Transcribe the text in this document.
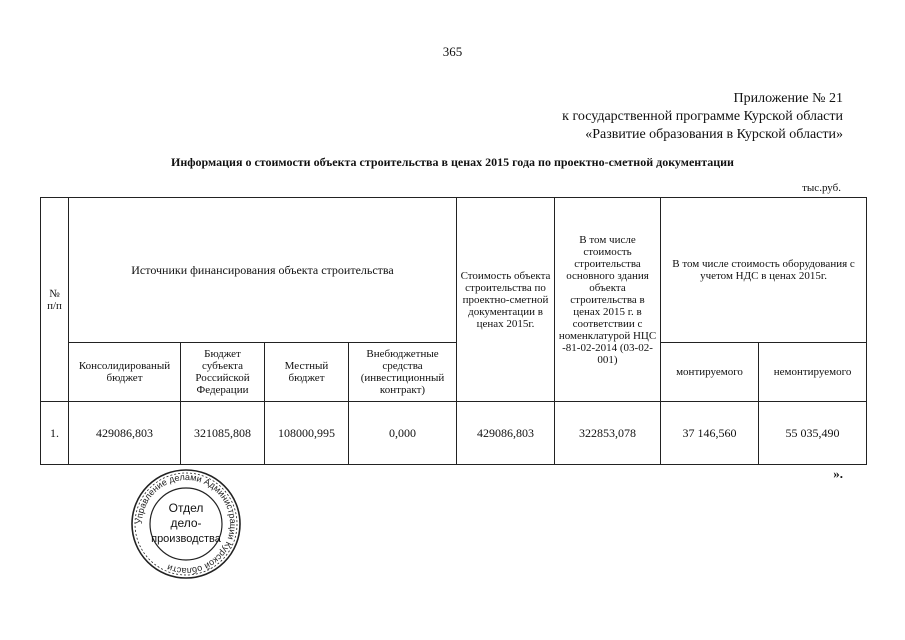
365
Приложение № 21
к государственной программе Курской области
«Развитие образования в Курской области»
Информация о стоимости объекта строительства в ценах 2015 года по проектно-сметной документации
тыс.руб.
№ п/п	Источники финансирования объекта строительства				Стоимость объекта строительства по проектно-сметной документации в ценах 2015г.	В том числе стоимость строительства основного здания объекта строительства в ценах 2015 г. в соответствии с номенклатурой НЦС -81-02-2014 (03-02-001)	В том числе стоимость оборудования с учетом НДС в ценах 2015г.	
	Консолидированый бюджет	Бюджет субъекта Российской Федерации	Местный бюджет	Внебюджетные средства (инвестиционный контракт)			монтируемого	немонтируемого
1.	429086,803	321085,808	108000,995	0,000	429086,803	322853,078	37 146,560	55 035,490
».
Управление делами Администрации Курской области
Отдел
дело-
производства
